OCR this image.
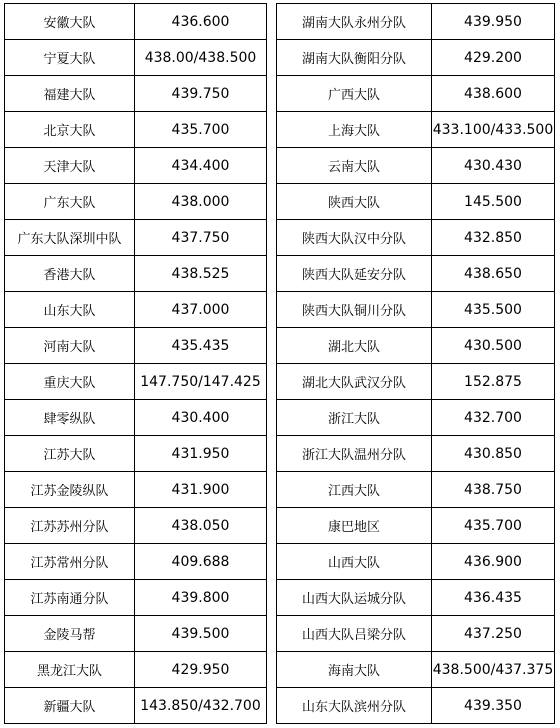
安徽大队	436.600
宁夏大队	438.00/438.500
福建大队	439.750
北京大队	435.700
天津大队	434.400
广东大队	438.000
广东大队深圳中队	437.750
香港大队	438.525
山东大队	437.000
河南大队	435.435
重庆大队	147.750/147.425
肆零纵队	430.400
江苏大队	431.950
江苏金陵纵队	431.900
江苏苏州分队	438.050
江苏常州分队	409.688
江苏南通分队	439.800
金陵马帮	439.500
黑龙江大队	429.950
新疆大队	143.850/432.700
湖南大队永州分队	439.950
湖南大队衡阳分队	429.200
广西大队	438.600
上海大队	433.100/433.500
云南大队	430.430
陕西大队	145.500
陕西大队汉中分队	432.850
陕西大队延安分队	438.650
陕西大队铜川分队	435.500
湖北大队	430.500
湖北大队武汉分队	152.875
浙江大队	432.700
浙江大队温州分队	430.850
江西大队	438.750
康巴地区	435.700
山西大队	436.900
山西大队运城分队	436.435
山西大队吕梁分队	437.250
海南大队	438.500/437.375
山东大队滨州分队	439.350
